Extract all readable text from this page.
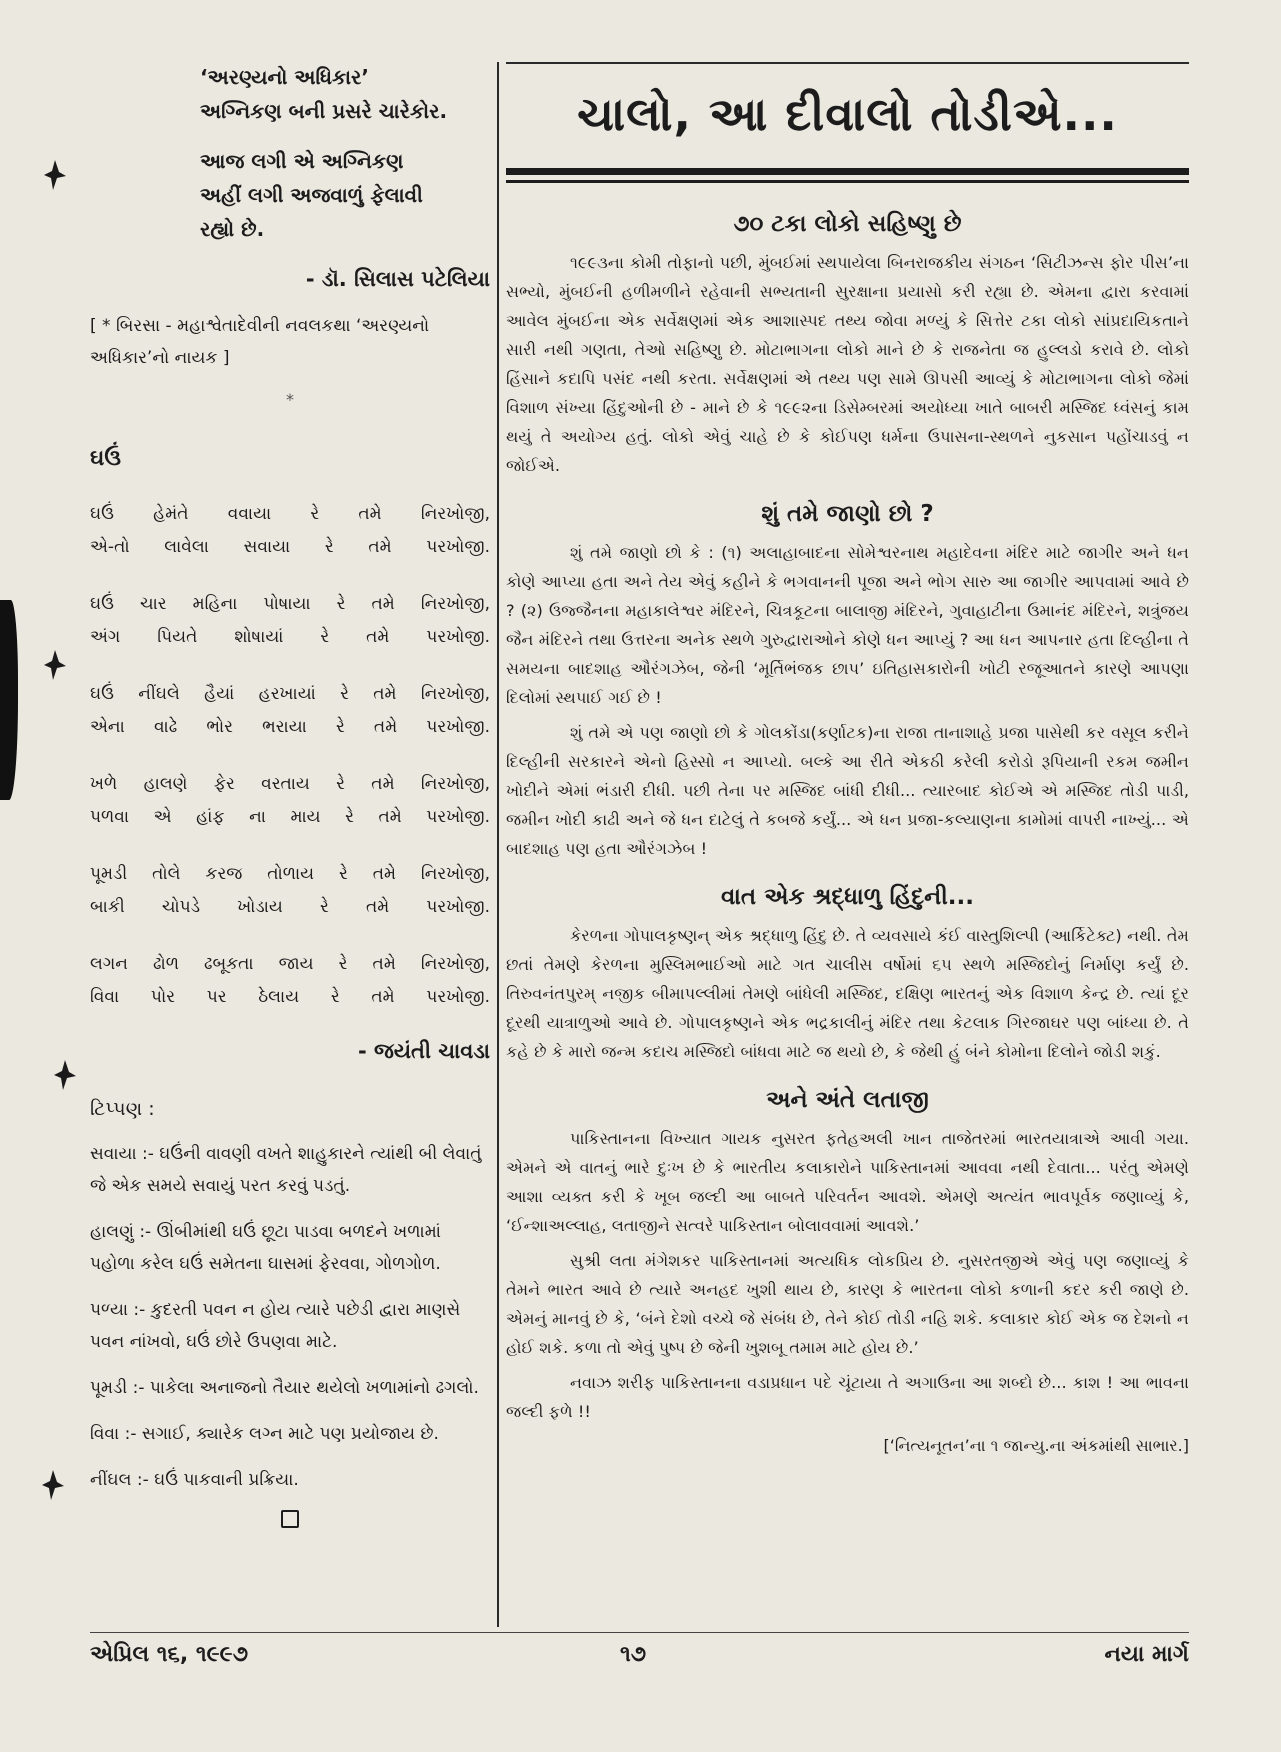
‘અરણ્યનો અધિકાર’
અગ્નિકણ બની પ્રસરે ચારેકોર.
આજ લગી એ અગ્નિકણ
અહીં લગી અજવાળું ફેલાવી
રહ્યો છે.
- ડૉ. સિલાસ પટેલિયા
[ * બિરસા - મહાશ્વેતાદેવીની નવલકથા ‘અરણ્યનો અધિકાર’નો નાયક ]
*
ઘઉં
ઘઉં હેમંતે વવાયા રે તમે નિરખોજી,
એ-તો લાવેલા સવાયા રે તમે પરખોજી.
ઘઉં ચાર મહિના પોષાયા રે તમે નિરખોજી,
અંગ પિયતે શોષાયાં રે તમે પરખોજી.
ઘઉં નીંઘલે હૈયાં હરખાયાં રે તમે નિરખોજી,
એના વાઢે ભોર ભરાયા રે તમે પરખોજી.
ખળે હાલણે ફેર વરતાય રે તમે નિરખોજી,
પળવા એ હાંફ ના માય રે તમે પરખોજી.
પૂમડી તોલે કરજ તોળાય રે તમે નિરખોજી,
બાકી ચોપડે ખોડાય રે તમે પરખોજી.
લગન ઢોળ ઢબૂકતા જાય રે તમે નિરખોજી,
વિવા પોર પર ઠેલાય રે તમે પરખોજી.
- જયંતી ચાવડા
ટિપ્પણ :
સવાયા :- ઘઉંની વાવણી વખતે શાહુકારને ત્યાંથી બી લેવાતું જે એક સમયે સવાયું પરત કરવું પડતું.
હાલણું :- ઊંબીમાંથી ઘઉં છૂટા પાડવા બળદને ખળામાં પહોળા કરેલ ઘઉં સમેતના ઘાસમાં ફેરવવા, ગોળગોળ.
પળ્યા :- કુદરતી પવન ન હોય ત્યારે પછેડી દ્વારા માણસે પવન નાંખવો, ઘઉં છોરે ઉપણવા માટે.
પૂમડી :- પાકેલા અનાજનો તૈયાર થયેલો ખળામાંનો ઢગલો.
વિવા :- સગાઈ, ક્યારેક લગ્ન માટે પણ પ્રયોજાય છે.
નીંઘલ :- ઘઉં પાકવાની પ્રક્રિયા.
ચાલો, આ દીવાલો તોડીએ...
૭૦ ટકા લોકો સહિષ્ણુ છે

૧૯૯૩ના કોમી તોફાનો પછી, મુંબઈમાં સ્થપાયેલા બિનરાજકીય સંગઠન ‘સિટીઝન્સ ફોર પીસ’ના સભ્યો, મુંબઈની હળીમળીને રહેવાની સભ્યતાની સુરક્ષાના પ્રયાસો કરી રહ્યા છે. એમના દ્વારા કરવામાં આવેલ મુંબઈના એક સર્વેક્ષણમાં એક આશાસ્પદ તથ્ય જોવા મળ્યું કે સિત્તેર ટકા લોકો સાંપ્રદાયિકતાને સારી નથી ગણતા, તેઓ સહિષ્ણુ છે. મોટાભાગના લોકો માને છે કે રાજનેતા જ હુલ્લડો કરાવે છે. લોકો હિંસાને કદાપિ પસંદ નથી કરતા. સર્વેક્ષણમાં એ તથ્ય પણ સામે ઊપસી આવ્યું કે મોટાભાગના લોકો જેમાં વિશાળ સંખ્યા હિંદુઓની છે - માને છે કે ૧૯૯૨ના ડિસેમ્બરમાં અયોધ્યા ખાતે બાબરી મસ્જિદ ધ્વંસનું કામ થયું તે અયોગ્ય હતું. લોકો એવું ચાહે છે કે કોઈપણ ધર્મના ઉપાસના-સ્થળને નુકસાન પહોંચાડવું ન જોઈએ.

શું તમે જાણો છો ?

શું તમે જાણો છો કે : (૧) અલાહાબાદના સોમેશ્વરનાથ મહાદેવના મંદિર માટે જાગીર અને ધન કોણે આપ્યા હતા અને તેય એવું કહીને કે ભગવાનની પૂજા અને ભોગ સારુ આ જાગીર આપવામાં આવે છે ? (૨) ઉજ્જૈનના મહાકાલેશ્વર મંદિરને, ચિત્રકૂટના બાલાજી મંદિરને, ગુવાહાટીના ઉમાનંદ મંદિરને, શત્રુંજય જૈન મંદિરને તથા ઉત્તરના અનેક સ્થળે ગુરુદ્વારાઓને કોણે ધન આપ્યું ? આ ધન આપનાર હતા દિલ્હીના તે સમયના બાદશાહ ઔરંગઝેબ, જેની ‘મૂર્તિભંજક છાપ’ ઇતિહાસકારોની ખોટી રજૂઆતને કારણે આપણા દિલોમાં સ્થપાઈ ગઈ છે !

શું તમે એ પણ જાણો છો કે ગોલકોંડા(કર્ણાટક)ના રાજા તાનાશાહે પ્રજા પાસેથી કર વસૂલ કરીને દિલ્હીની સરકારને એનો હિસ્સો ન આપ્યો. બલ્કે આ રીતે એકઠી કરેલી કરોડો રૂપિયાની રકમ જમીન ખોદીને એમાં ભંડારી દીધી. પછી તેના પર મસ્જિદ બાંધી દીધી... ત્યારબાદ કોઈએ એ મસ્જિદ તોડી પાડી, જમીન ખોદી કાઢી અને જે ધન દાટેલું તે કબજે કર્યું... એ ધન પ્રજા-કલ્યાણના કામોમાં વાપરી નાખ્યું... એ બાદશાહ પણ હતા ઔરંગઝેબ !

વાત એક શ્રદ્ધાળુ હિંદુની...

કેરળના ગોપાલકૃષ્ણન્ એક શ્રદ્ધાળુ હિંદુ છે. તે વ્યવસાયે કંઈ વાસ્તુશિલ્પી (આર્કિટેક્ટ) નથી. તેમ છતાં તેમણે કેરળના મુસ્લિમભાઈઓ માટે ગત ચાલીસ વર્ષોમાં ૬૫ સ્થળે મસ્જિદોનું નિર્માણ કર્યું છે. તિરુવનંતપુરમ્ નજીક બીમાપલ્લીમાં તેમણે બાંધેલી મસ્જિદ, દક્ષિણ ભારતનું એક વિશાળ કેન્દ્ર છે. ત્યાં દૂર દૂરથી યાત્રાળુઓ આવે છે. ગોપાલકૃષ્ણને એક ભદ્રકાલીનું મંદિર તથા કેટલાક ગિરજાઘર પણ બાંધ્યા છે. તે કહે છે કે મારો જન્મ કદાચ મસ્જિદો બાંધવા માટે જ થયો છે, કે જેથી હું બંને કોમોના દિલોને જોડી શકું.

અને અંતે લતાજી

પાકિસ્તાનના વિખ્યાત ગાયક નુસરત ફતેહઅલી ખાન તાજેતરમાં ભારતયાત્રાએ આવી ગયા. એમને એ વાતનું ભારે દુઃખ છે કે ભારતીય કલાકારોને પાકિસ્તાનમાં આવવા નથી દેવાતા... પરંતુ એમણે આશા વ્યક્ત કરી કે ખૂબ જલ્દી આ બાબતે પરિવર્તન આવશે. એમણે અત્યંત ભાવપૂર્વક જણાવ્યું કે, ‘ઈન્શાઅલ્લાહ, લતાજીને સત્વરે પાકિસ્તાન બોલાવવામાં આવશે.’

સુશ્રી લતા મંગેશકર પાકિસ્તાનમાં અત્યધિક લોકપ્રિય છે. નુસરતજીએ એવું પણ જણાવ્યું કે તેમને ભારત આવે છે ત્યારે અનહદ ખુશી થાય છે, કારણ કે ભારતના લોકો કળાની કદર કરી જાણે છે. એમનું માનવું છે કે, ‘બંને દેશો વચ્ચે જે સંબંધ છે, તેને કોઈ તોડી નહિ શકે. કલાકાર કોઈ એક જ દેશનો ન હોઈ શકે. કળા તો એવું પુષ્પ છે જેની ખુશબૂ તમામ માટે હોય છે.’

નવાઝ શરીફ પાકિસ્તાનના વડાપ્રધાન પદે ચૂંટાયા તે અગાઉના આ શબ્દો છે... કાશ ! આ ભાવના જલ્દી ફળે !!

[‘નિત્યનૂતન’ના ૧ જાન્યુ.ના અંકમાંથી સાભાર.]
એપ્રિલ ૧૬, ૧૯૯૭	૧૭	નયા માર્ગ
